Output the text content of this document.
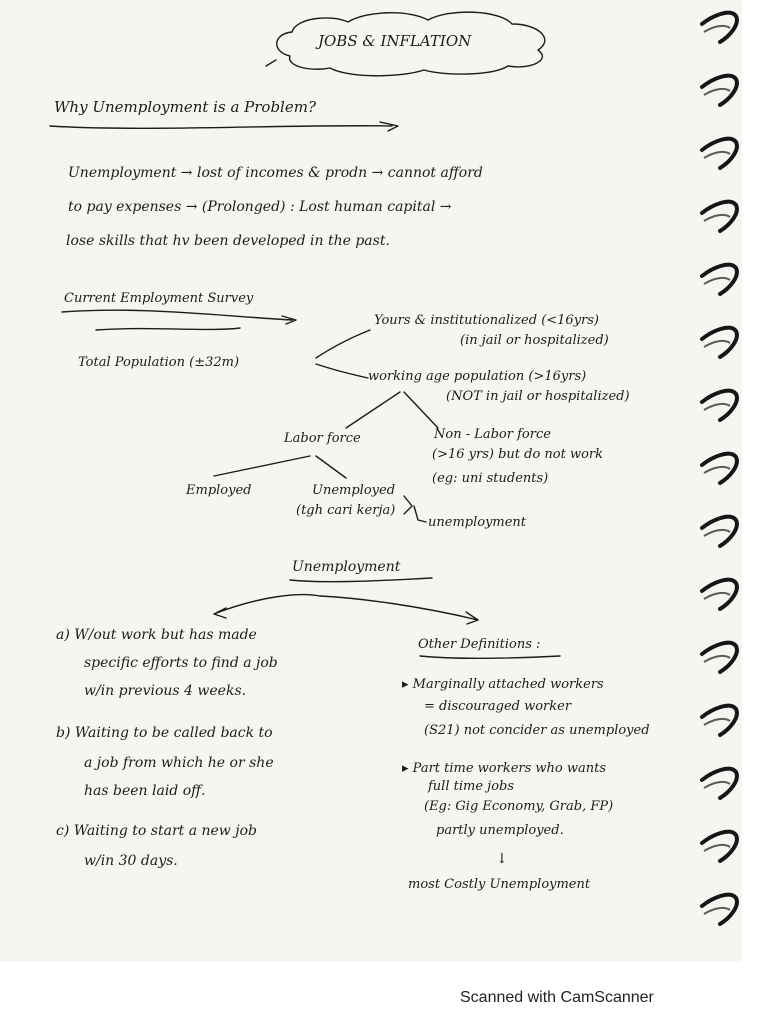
JOBS & INFLATION
Why Unemployment is a Problem?
Unemployment → lost of incomes & prodn → cannot afford
to pay expenses → (Prolonged) : Lost human capital →
lose skills that hv been developed in the past.
Current Employment Survey
Total Population (±32m)
Yours & institutionalized (<16yrs)
(in jail or hospitalized)
working age population (>16yrs)
(NOT in jail or hospitalized)
Labor force	Non - Labor force
(>16 yrs) but do not work
(eg: uni students)
Employed	Unemployed
(tgh cari kerja)
unemployment
Unemployment
a) W/out work but has made
specific efforts to find a job
w/in previous 4 weeks.
b) Waiting to be called back to
a job from which he or she
has been laid off.
c) Waiting to start a new job
w/in 30 days.
Other Definitions :
▸ Marginally attached workers
= discouraged worker
(S21) not concider as unemployed
▸ Part time workers who wants
full time jobs
(Eg: Gig Economy, Grab, FP)
partly unemployed.
↓
most Costly Unemployment
Scanned with CamScanner
